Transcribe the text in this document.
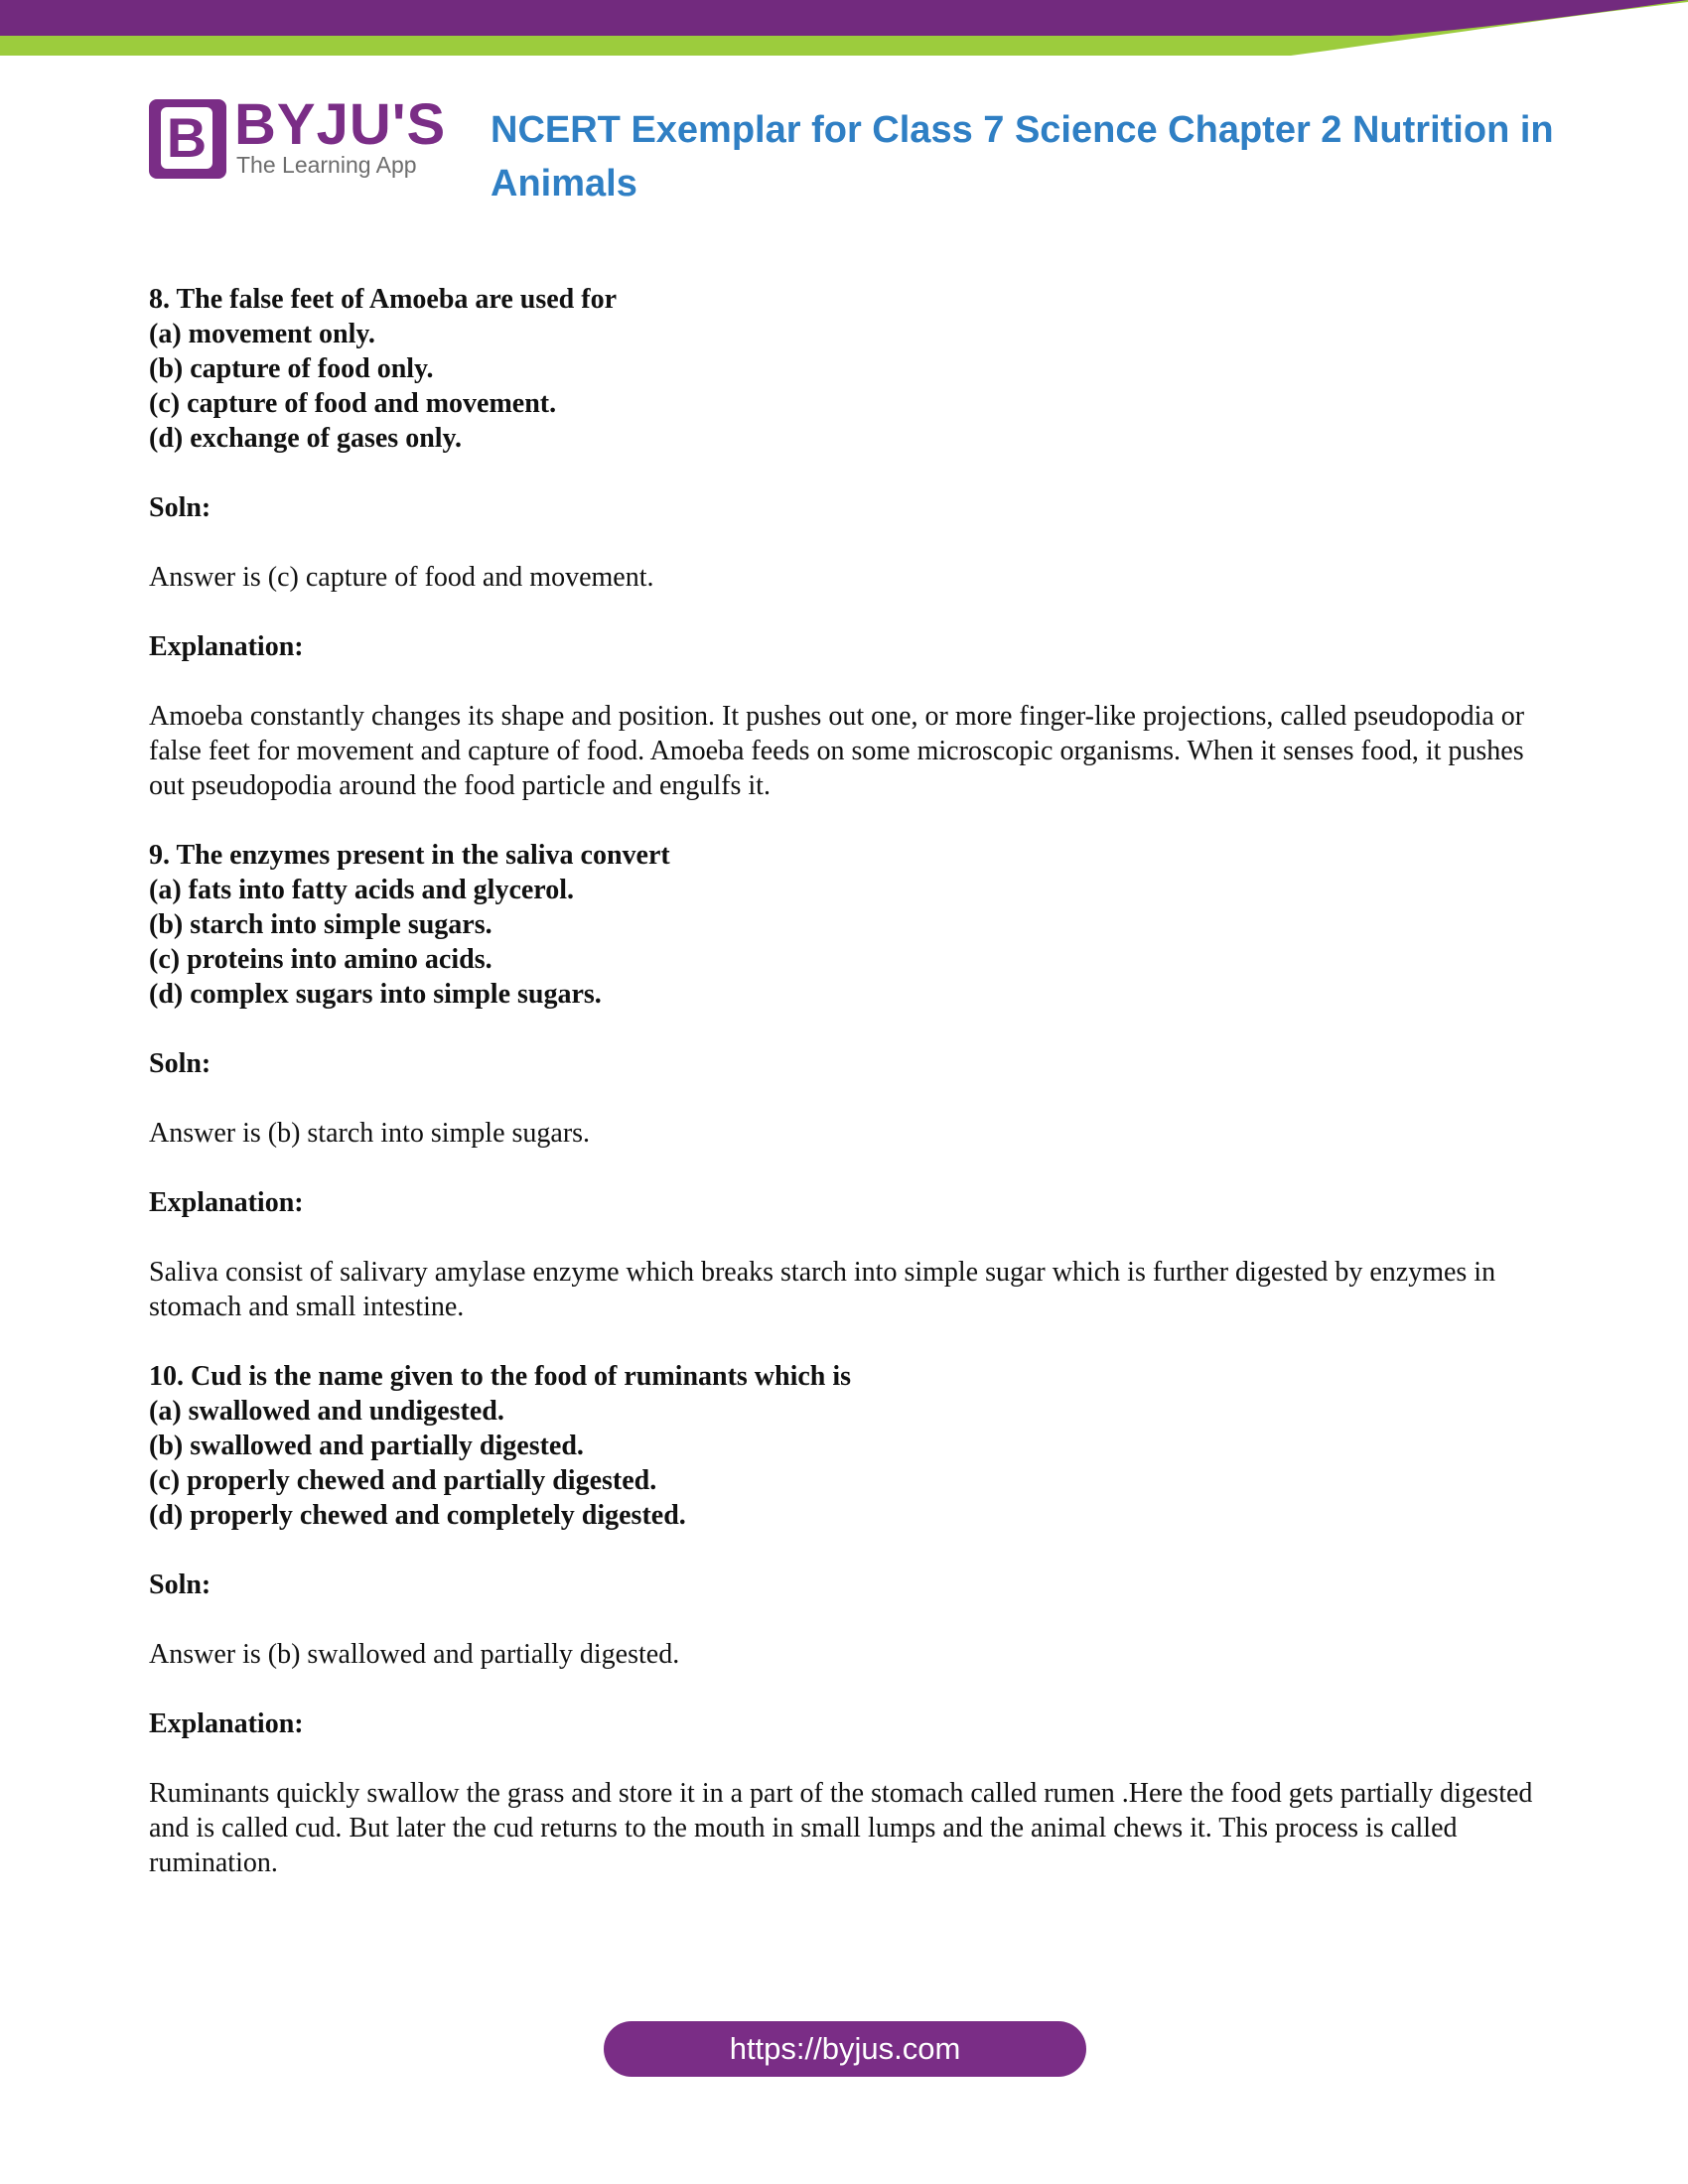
B BYJU'S
The Learning App
NCERT Exemplar for Class 7 Science Chapter 2 Nutrition in Animals
8. The false feet of Amoeba are used for
(a) movement only.
(b) capture of food only.
(c) capture of food and movement.
(d) exchange of gases only.
Soln:
Answer is (c) capture of food and movement.
Explanation:
Amoeba constantly changes its shape and position. It pushes out one, or more finger-like projections, called pseudopodia or false feet for movement and capture of food. Amoeba feeds on some microscopic organisms. When it senses food, it pushes out pseudopodia around the food particle and engulfs it.
9. The enzymes present in the saliva convert
(a) fats into fatty acids and glycerol.
(b) starch into simple sugars.
(c) proteins into amino acids.
(d) complex sugars into simple sugars.
Soln:
Answer is (b) starch into simple sugars.
Explanation:
Saliva consist of salivary amylase enzyme which breaks starch into simple sugar which is further digested by enzymes in stomach and small intestine.
10. Cud is the name given to the food of ruminants which is
(a) swallowed and undigested.
(b) swallowed and partially digested.
(c) properly chewed and partially digested.
(d) properly chewed and completely digested.
Soln:
Answer is (b) swallowed and partially digested.
Explanation:
Ruminants quickly swallow the grass and store it in a part of the stomach called rumen .Here the food gets partially digested and is called cud. But later the cud returns to the mouth in small lumps and the animal chews it. This process is called rumination.
https://byjus.com
